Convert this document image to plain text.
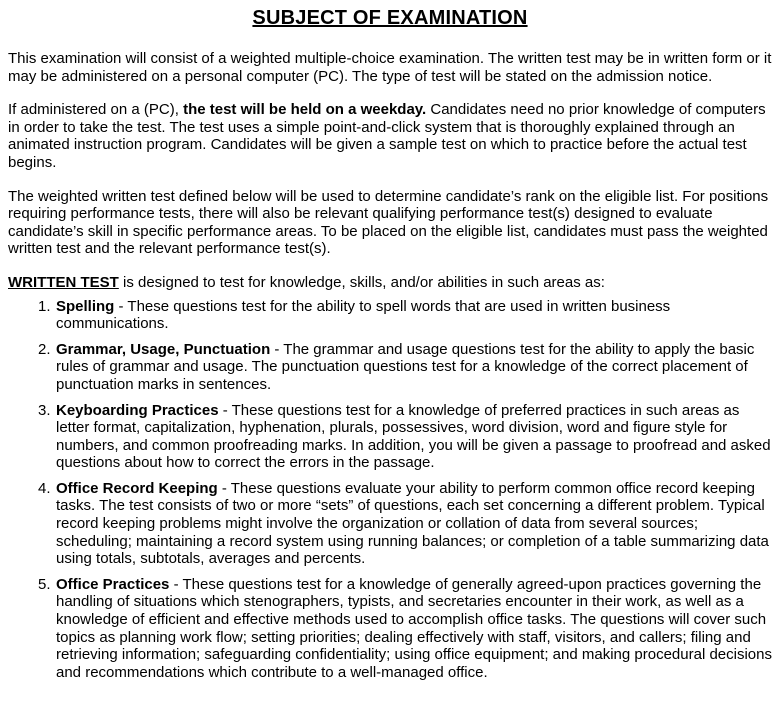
SUBJECT OF EXAMINATION

This examination will consist of a weighted multiple-choice examination. The written test may be in written form or it may be administered on a personal computer (PC). The type of test will be stated on the admission notice.

If administered on a (PC), the test will be held on a weekday. Candidates need no prior knowledge of computers in order to take the test. The test uses a simple point-and-click system that is thoroughly explained through an animated instruction program. Candidates will be given a sample test on which to practice before the actual test begins.

The weighted written test defined below will be used to determine candidate’s rank on the eligible list. For positions requiring performance tests, there will also be relevant qualifying performance test(s) designed to evaluate candidate’s skill in specific performance areas. To be placed on the eligible list, candidates must pass the weighted written test and the relevant performance test(s).

WRITTEN TEST is designed to test for knowledge, skills, and/or abilities in such areas as:

1. Spelling - These questions test for the ability to spell words that are used in written business communications.
2. Grammar, Usage, Punctuation - The grammar and usage questions test for the ability to apply the basic rules of grammar and usage. The punctuation questions test for a knowledge of the correct placement of punctuation marks in sentences.
3. Keyboarding Practices - These questions test for a knowledge of preferred practices in such areas as letter format, capitalization, hyphenation, plurals, possessives, word division, word and figure style for numbers, and common proofreading marks. In addition, you will be given a passage to proofread and asked questions about how to correct the errors in the passage.
4. Office Record Keeping - These questions evaluate your ability to perform common office record keeping tasks. The test consists of two or more “sets” of questions, each set concerning a different problem. Typical record keeping problems might involve the organization or collation of data from several sources; scheduling; maintaining a record system using running balances; or completion of a table summarizing data using totals, subtotals, averages and percents.
5. Office Practices - These questions test for a knowledge of generally agreed-upon practices governing the handling of situations which stenographers, typists, and secretaries encounter in their work, as well as a knowledge of efficient and effective methods used to accomplish office tasks. The questions will cover such topics as planning work flow; setting priorities; dealing effectively with staff, visitors, and callers; filing and retrieving information; safeguarding confidentiality; using office equipment; and making procedural decisions and recommendations which contribute to a well-managed office.
